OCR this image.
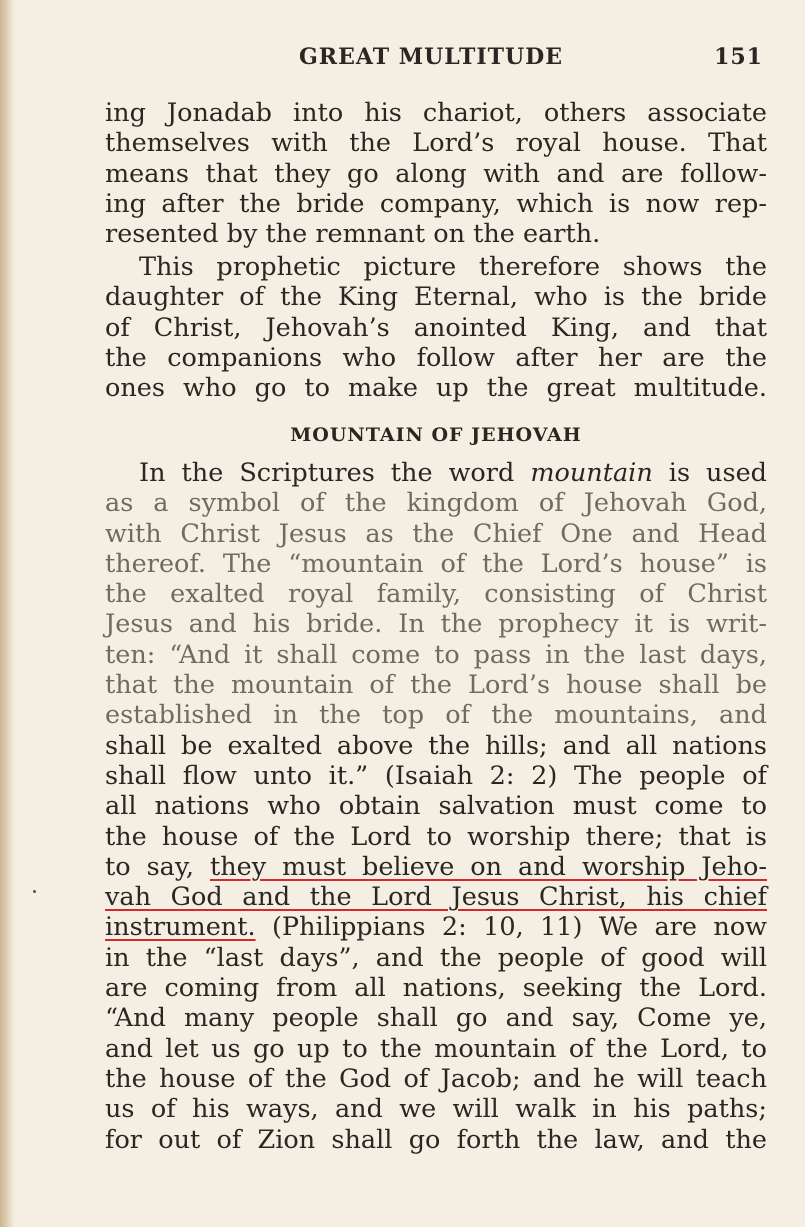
GREAT MULTITUDE	151
ing Jonadab into his chariot, others associate
themselves with the Lord’s royal house. That
means that they go along with and are follow-
ing after the bride company, which is now rep-
resented by the remnant on the earth.
This prophetic picture therefore shows the
daughter of the King Eternal, who is the bride
of Christ, Jehovah’s anointed King, and that
the companions who follow after her are the
ones who go to make up the great multitude.
MOUNTAIN OF JEHOVAH
In the Scriptures the word mountain is used
as a symbol of the kingdom of Jehovah God,
with Christ Jesus as the Chief One and Head
thereof. The “mountain of the Lord’s house” is
the exalted royal family, consisting of Christ
Jesus and his bride. In the prophecy it is writ-
ten: “And it shall come to pass in the last days,
that the mountain of the Lord’s house shall be
established in the top of the mountains, and
shall be exalted above the hills; and all nations
shall flow unto it.” (Isaiah 2: 2) The people of
all nations who obtain salvation must come to
the house of the Lord to worship there; that is
to say, they must believe on and worship Jeho-
vah God and the Lord Jesus Christ, his chief
instrument. (Philippians 2: 10, 11) We are now
in the “last days”, and the people of good will
are coming from all nations, seeking the Lord.
“And many people shall go and say, Come ye,
and let us go up to the mountain of the Lord, to
the house of the God of Jacob; and he will teach
us of his ways, and we will walk in his paths;
for out of Zion shall go forth the law, and the
